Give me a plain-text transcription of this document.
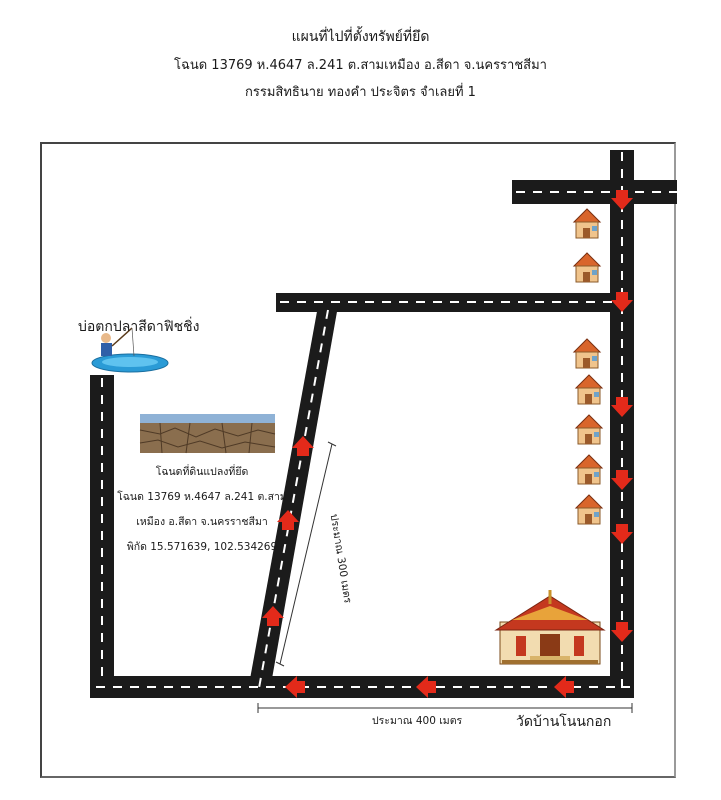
แผนที่ไปที่ตั้งทรัพย์ที่ยึด
โฉนด 13769 ห.4647 ล.241 ต.สามเหมือง อ.สีดา จ.นครราชสีมา
กรรมสิทธินาย ทองคำ ประจิตร จำเลยที่ 1
บ่อตกปลาสีดาฟิชชิ่ง
โฉนดที่ดินแปลงที่ยึด
โฉนด 13769 ห.4647 ล.241 ต.สาม
เหมือง อ.สีดา จ.นครราชสีมา
พิกัด 15.571639, 102.534269	ประมาณ 300 เมตร
ประมาณ 400 เมตร	วัดบ้านโนนกอก
